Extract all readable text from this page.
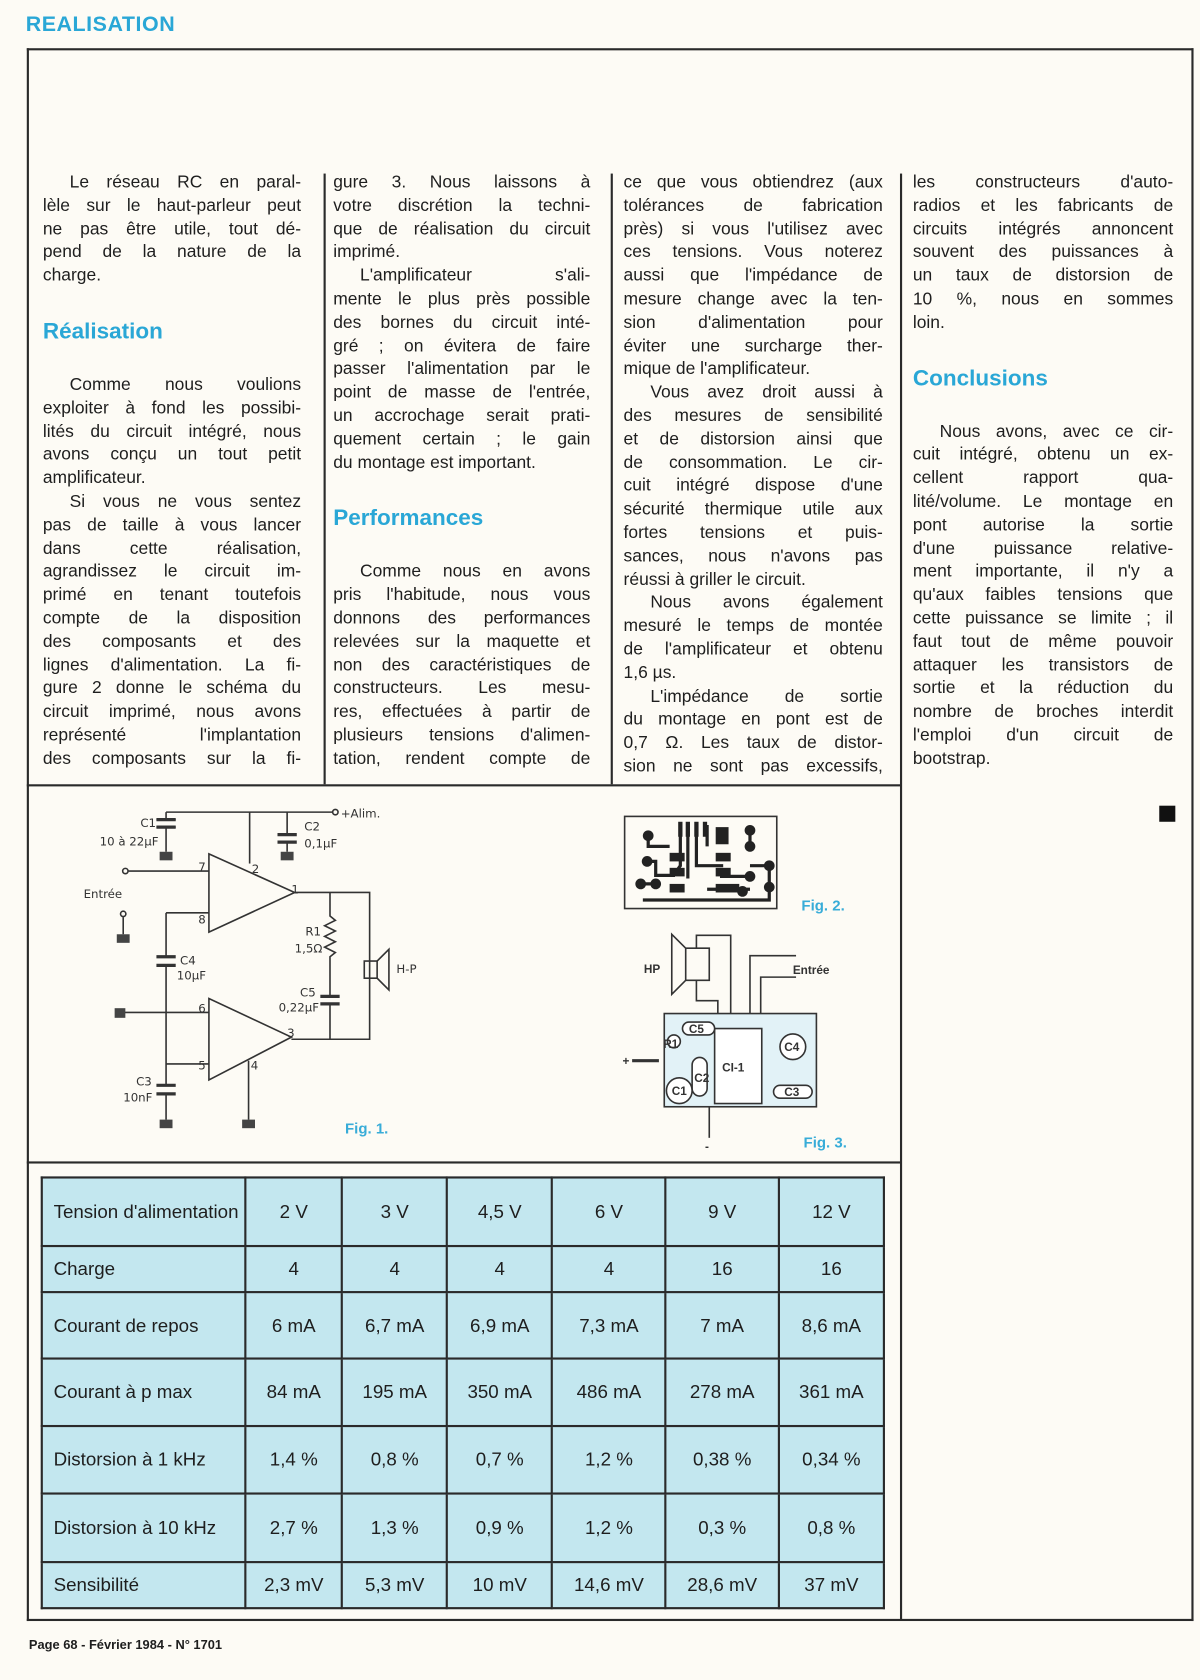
REALISATION
Le réseau RC en paral-
lèle sur le haut-parleur peut
ne pas être utile, tout dé-
pend de la nature de la
charge.
Réalisation
Comme nous voulions
exploiter à fond les possibi-
lités du circuit intégré, nous
avons conçu un tout petit
amplificateur.
Si vous ne vous sentez
pas de taille à vous lancer
dans cette réalisation,
agrandissez le circuit im-
primé en tenant toutefois
compte de la disposition
des composants et des
lignes d'alimentation. La fi-
gure 2 donne le schéma du
circuit imprimé, nous avons
représenté l'implantation
des composants sur la fi-
gure 3. Nous laissons à
votre discrétion la techni-
que de réalisation du circuit
imprimé.
L'amplificateur s'ali-
mente le plus près possible
des bornes du circuit inté-
gré ; on évitera de faire
passer l'alimentation par le
point de masse de l'entrée,
un accrochage serait prati-
quement certain ; le gain
du montage est important.
Performances
Comme nous en avons
pris l'habitude, nous vous
donnons des performances
relevées sur la maquette et
non des caractéristiques de
constructeurs. Les mesu-
res, effectuées à partir de
plusieurs tensions d'alimen-
tation, rendent compte de
ce que vous obtiendrez (aux
tolérances de fabrication
près) si vous l'utilisez avec
ces tensions. Vous noterez
aussi que l'impédance de
mesure change avec la ten-
sion d'alimentation pour
éviter une surcharge ther-
mique de l'amplificateur.
Vous avez droit aussi à
des mesures de sensibilité
et de distorsion ainsi que
de consommation. Le cir-
cuit intégré dispose d'une
sécurité thermique utile aux
fortes tensions et puis-
sances, nous n'avons pas
réussi à griller le circuit.
Nous avons également
mesuré le temps de montée
de l'amplificateur et obtenu
1,6 µs.
L'impédance de sortie
du montage en pont est de
0,7 Ω. Les taux de distor-
sion ne sont pas excessifs,
les constructeurs d'auto-
radios et les fabricants de
circuits intégrés annoncent
souvent des puissances à
un taux de distorsion de
10 %, nous en sommes
loin.
Conclusions
Nous avons, avec ce cir-
cuit intégré, obtenu un ex-
cellent rapport qua-
lité/volume. Le montage en
pont autorise la sortie
d'une puissance relative-
ment importante, il n'y a
qu'aux faibles tensions que
cette puissance se limite ; il
faut tout de même pouvoir
attaquer les transistors de
sortie et la réduction du
nombre de broches interdit
l'emploi d'un circuit de
bootstrap.
C1
10 à 22µF
C2
0,1µF
+Alim.
Entrée
R1
1,5Ω
C4
10µF
C5
0,22µF
H-P
C3
10nF
1
2
3
4
5
6
7
8
HP	Entrée
C5
R1
C2
CI-1
C4
C1	C3
+
-
Fig. 1.
Fig. 2.
Fig. 3.
Tension d'alimentation	2 V	3 V	4,5 V	6 V	9 V	12 V
Charge	4	4	4	4	16	16
Courant de repos	6 mA	6,7 mA	6,9 mA	7,3 mA	7 mA	8,6 mA
Courant à p max	84 mA	195 mA	350 mA	486 mA	278 mA	361 mA
Distorsion à 1 kHz	1,4 %	0,8 %	0,7 %	1,2 %	0,38 %	0,34 %
Distorsion à 10 kHz	2,7 %	1,3 %	0,9 %	1,2 %	0,3 %	0,8 %
Sensibilité	2,3 mV	5,3 mV	10 mV	14,6 mV	28,6 mV	37 mV
Page 68 - Février 1984 - N° 1701
